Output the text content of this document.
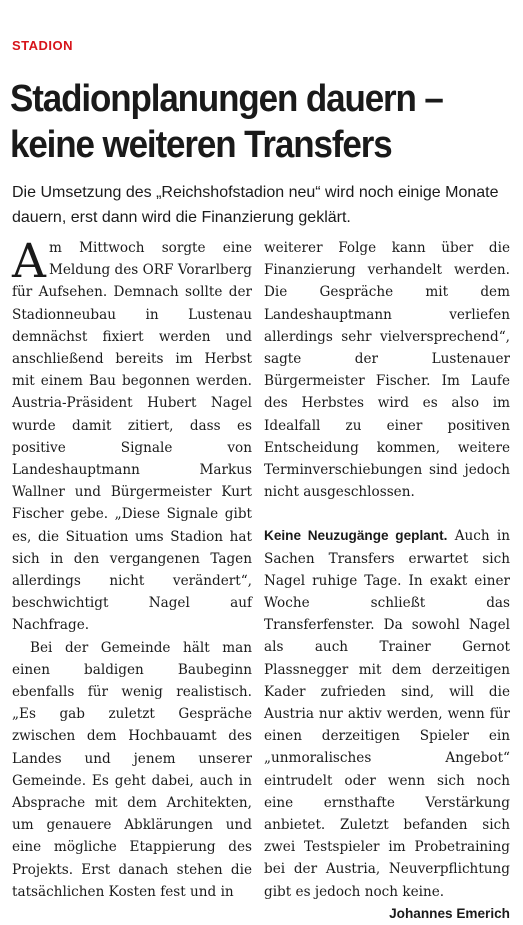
STADION
Stadionplanungen dauern –
keine weiteren Transfers
Die Umsetzung des „Reichshofstadion neu“ wird noch einige Monate dauern, erst dann wird die Finanzierung geklärt.

Am Mittwoch sorgte eine Meldung des ORF Vorarlberg für Aufsehen. Demnach sollte der Stadionneubau in Lustenau demnächst fixiert werden und anschließend bereits im Herbst mit einem Bau begonnen werden. Austria-Präsident Hubert Nagel wurde damit zitiert, dass es positive Signale von Landeshauptmann Markus Wallner und Bürgermeister Kurt Fischer gebe. „Diese Signale gibt es, die Situation ums Stadion hat sich in den vergangenen Tagen allerdings nicht verändert“, beschwichtigt Nagel auf Nachfrage.

Bei der Gemeinde hält man einen baldigen Baubeginn ebenfalls für wenig realistisch. „Es gab zuletzt Gespräche zwischen dem Hochbauamt des Landes und jenem unserer Gemeinde. Es geht dabei, auch in Absprache mit dem Architekten, um genauere Abklärungen und eine mögliche Etappierung des Projekts. Erst danach stehen die tatsächlichen Kosten fest und in

weiterer Folge kann über die Finanzierung verhandelt werden. Die Gespräche mit dem Landeshauptmann verliefen allerdings sehr vielversprechend“, sagte der Lustenauer Bürgermeister Fischer. Im Laufe des Herbstes wird es also im Idealfall zu einer positiven Entscheidung kommen, weitere Terminverschiebungen sind jedoch nicht ausgeschlossen.

Keine Neuzugänge geplant. Auch in Sachen Transfers erwartet sich Nagel ruhige Tage. In exakt einer Woche schließt das Transferfenster. Da sowohl Nagel als auch Trainer Gernot Plassnegger mit dem derzeitigen Kader zufrieden sind, will die Austria nur aktiv werden, wenn für einen derzeitigen Spieler ein „unmoralisches Angebot“ eintrudelt oder wenn sich noch eine ernsthafte Verstärkung anbietet. Zuletzt befanden sich zwei Testspieler im Probetraining bei der Austria, Neuverpflichtung gibt es jedoch noch keine.

Johannes Emerich
